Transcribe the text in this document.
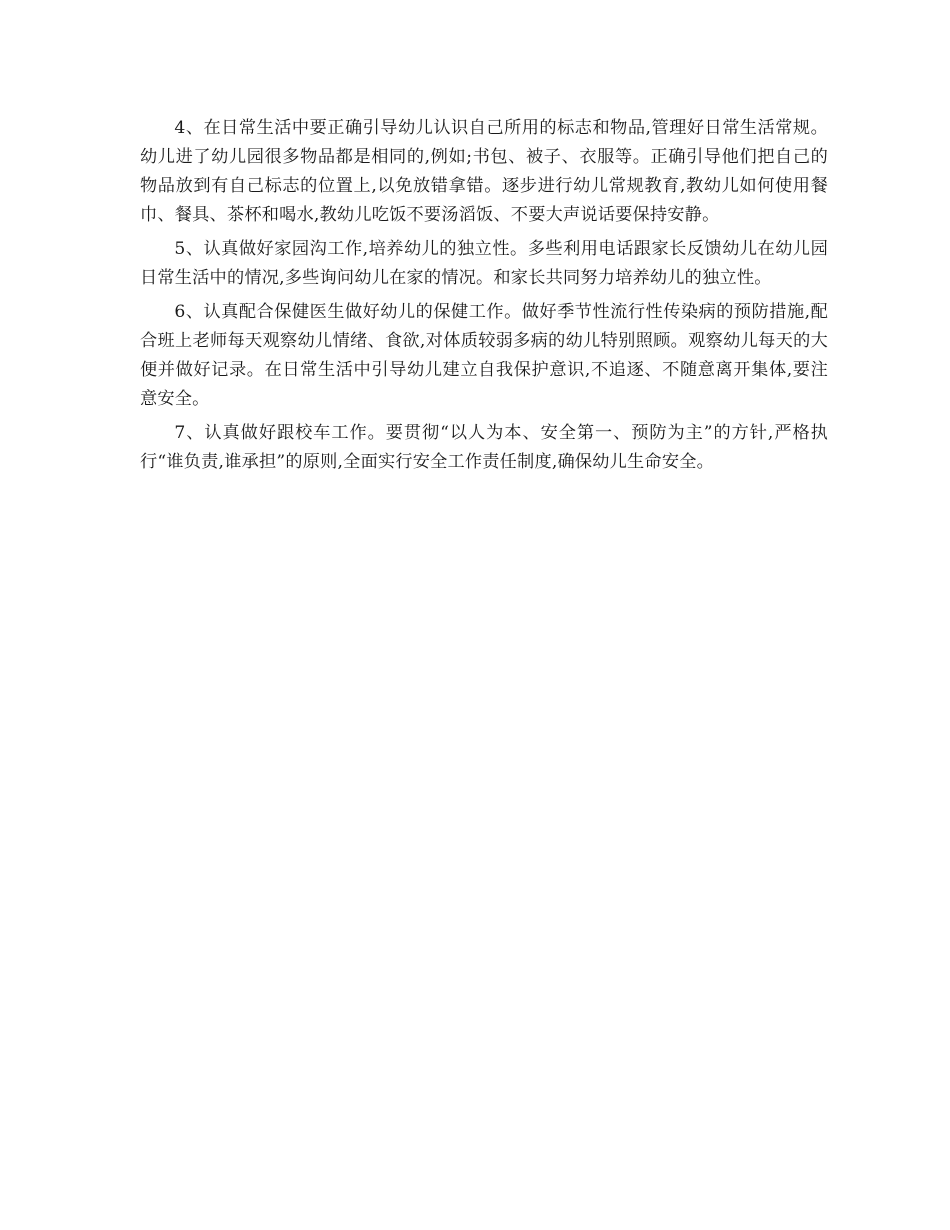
4、在日常生活中要正确引导幼儿认识自己所用的标志和物品,管理好日常生活常规。幼儿进了幼儿园很多物品都是相同的,例如;书包、被子、衣服等。正确引导他们把自己的物品放到有自己标志的位置上,以免放错拿错。逐步进行幼儿常规教育,教幼儿如何使用餐巾、餐具、茶杯和喝水,教幼儿吃饭不要汤滔饭、不要大声说话要保持安静。

5、认真做好家园沟工作,培养幼儿的独立性。多些利用电话跟家长反馈幼儿在幼儿园日常生活中的情况,多些询问幼儿在家的情况。和家长共同努力培养幼儿的独立性。

6、认真配合保健医生做好幼儿的保健工作。做好季节性流行性传染病的预防措施,配合班上老师每天观察幼儿情绪、食欲,对体质较弱多病的幼儿特别照顾。观察幼儿每天的大便并做好记录。在日常生活中引导幼儿建立自我保护意识,不追逐、不随意离开集体,要注意安全。

7、认真做好跟校车工作。要贯彻“以人为本、安全第一、预防为主”的方针,严格执行“谁负责,谁承担”的原则,全面实行安全工作责任制度,确保幼儿生命安全。
